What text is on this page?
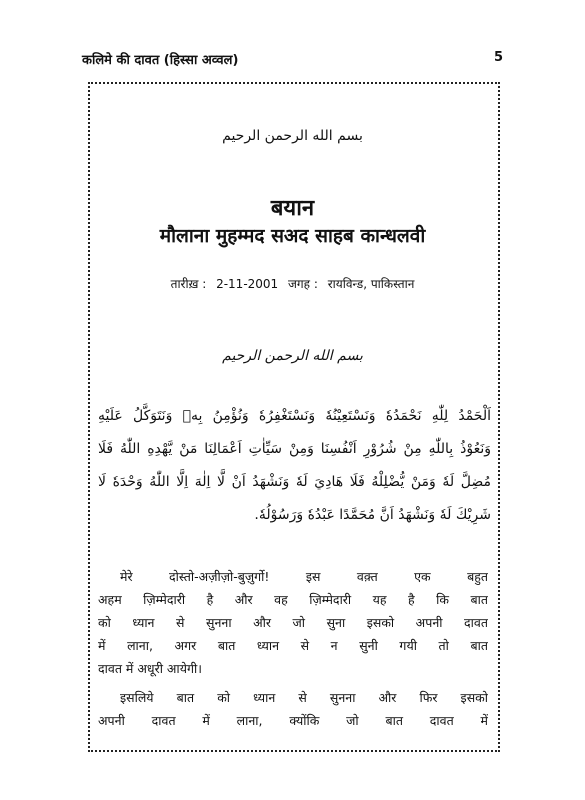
कलिमे की दावत (हिस्सा अव्वल)	5
بسم الله الرحمن الرحيم
बयान
मौलाना मुहम्मद सअद साहब कान्धलवी
तारीख़ : 2-11-2001 जगह : रायविन्ड, पाकिस्तान
بسم الله الرحمن الرحيم
اَلْحَمْدُ لِلّٰهِ نَحْمَدُهٗ وَنَسْتَعِيْنُهٗ وَنَسْتَغْفِرُهٗ وَنُؤْمِنُ بِهٖ وَنَتَوَكَّلُ عَلَيْهِ
وَنَعُوْذُ بِاللّٰهِ مِنْ شُرُوْرِ اَنْفُسِنَا وَمِنْ سَيِّاٰتِ اَعْمَالِنَا مَنْ يَّهْدِهِ اللّٰهُ فَلَا
مُضِلَّ لَهٗ وَمَنْ يُّضْلِلْهُ فَلَا هَادِيَ لَهٗ وَنَشْهَدُ اَنْ لَّا اِلٰهَ اِلَّا اللّٰهُ وَحْدَهٗ لَا
شَرِيْكَ لَهٗ وَنَشْهَدُ اَنَّ مُحَمَّدًا عَبْدُهٗ وَرَسُوْلُهٗ.
मेरे दोस्तो-अज़ीज़ो-बुज़ुर्गो! इस वक़्त एक बहुत
अहम ज़िम्मेदारी है और वह ज़िम्मेदारी यह है कि बात
को ध्यान से सुनना और जो सुना इसको अपनी दावत
में लाना, अगर बात ध्यान से न सुनी गयी तो बात
दावत में अधूरी आयेगी।
इसलिये बात को ध्यान से सुनना और फिर इसको
अपनी दावत में लाना, क्योंकि जो बात दावत में
